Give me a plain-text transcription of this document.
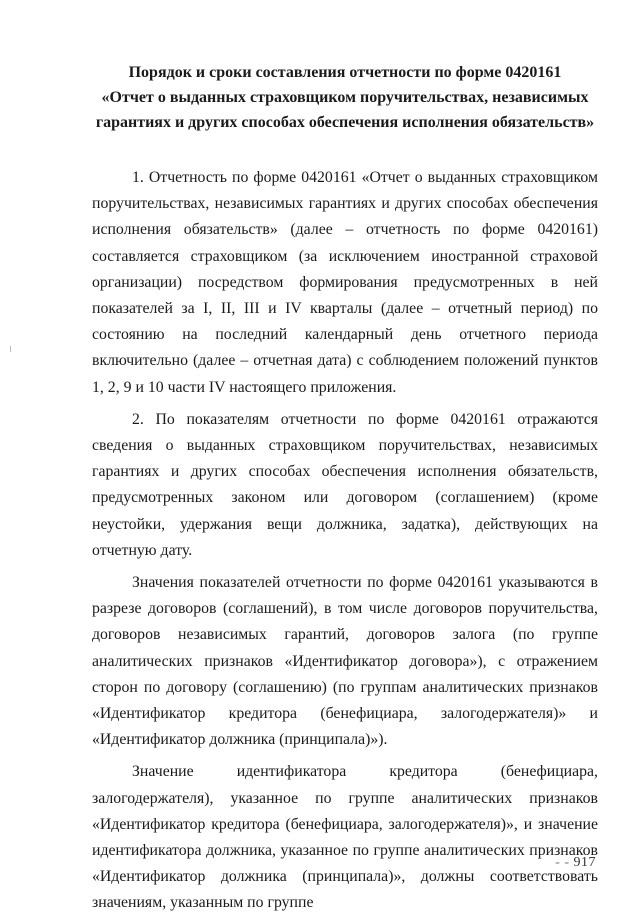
Порядок и сроки составления отчетности по форме 0420161
«Отчет о выданных страховщиком поручительствах, независимых
гарантиях и других способах обеспечения исполнения обязательств»

1. Отчетность по форме 0420161 «Отчет о выданных страховщиком поручительствах, независимых гарантиях и других способах обеспечения исполнения обязательств» (далее – отчетность по форме 0420161) составляется страховщиком (за исключением иностранной страховой организации) посредством формирования предусмотренных в ней показателей за I, II, III и IV кварталы (далее – отчетный период) по состоянию на последний календарный день отчетного периода включительно (далее – отчетная дата) с соблюдением положений пунктов 1, 2, 9 и 10 части IV настоящего приложения.

2. По показателям отчетности по форме 0420161 отражаются сведения о выданных страховщиком поручительствах, независимых гарантиях и других способах обеспечения исполнения обязательств, предусмотренных законом или договором (соглашением) (кроме неустойки, удержания вещи должника, задатка), действующих на отчетную дату.

Значения показателей отчетности по форме 0420161 указываются в разрезе договоров (соглашений), в том числе договоров поручительства, договоров независимых гарантий, договоров залога (по группе аналитических признаков «Идентификатор договора»), с отражением сторон по договору (соглашению) (по группам аналитических признаков «Идентификатор кредитора (бенефициара, залогодержателя)» и «Идентификатор должника (принципала)»).

Значение идентификатора кредитора (бенефициара, залогодержателя), указанное по группе аналитических признаков «Идентификатор кредитора (бенефициара, залогодержателя)», и значение идентификатора должника, указанное по группе аналитических признаков «Идентификатор должника (принципала)», должны соответствовать значениям, указанным по группе

- - 917
